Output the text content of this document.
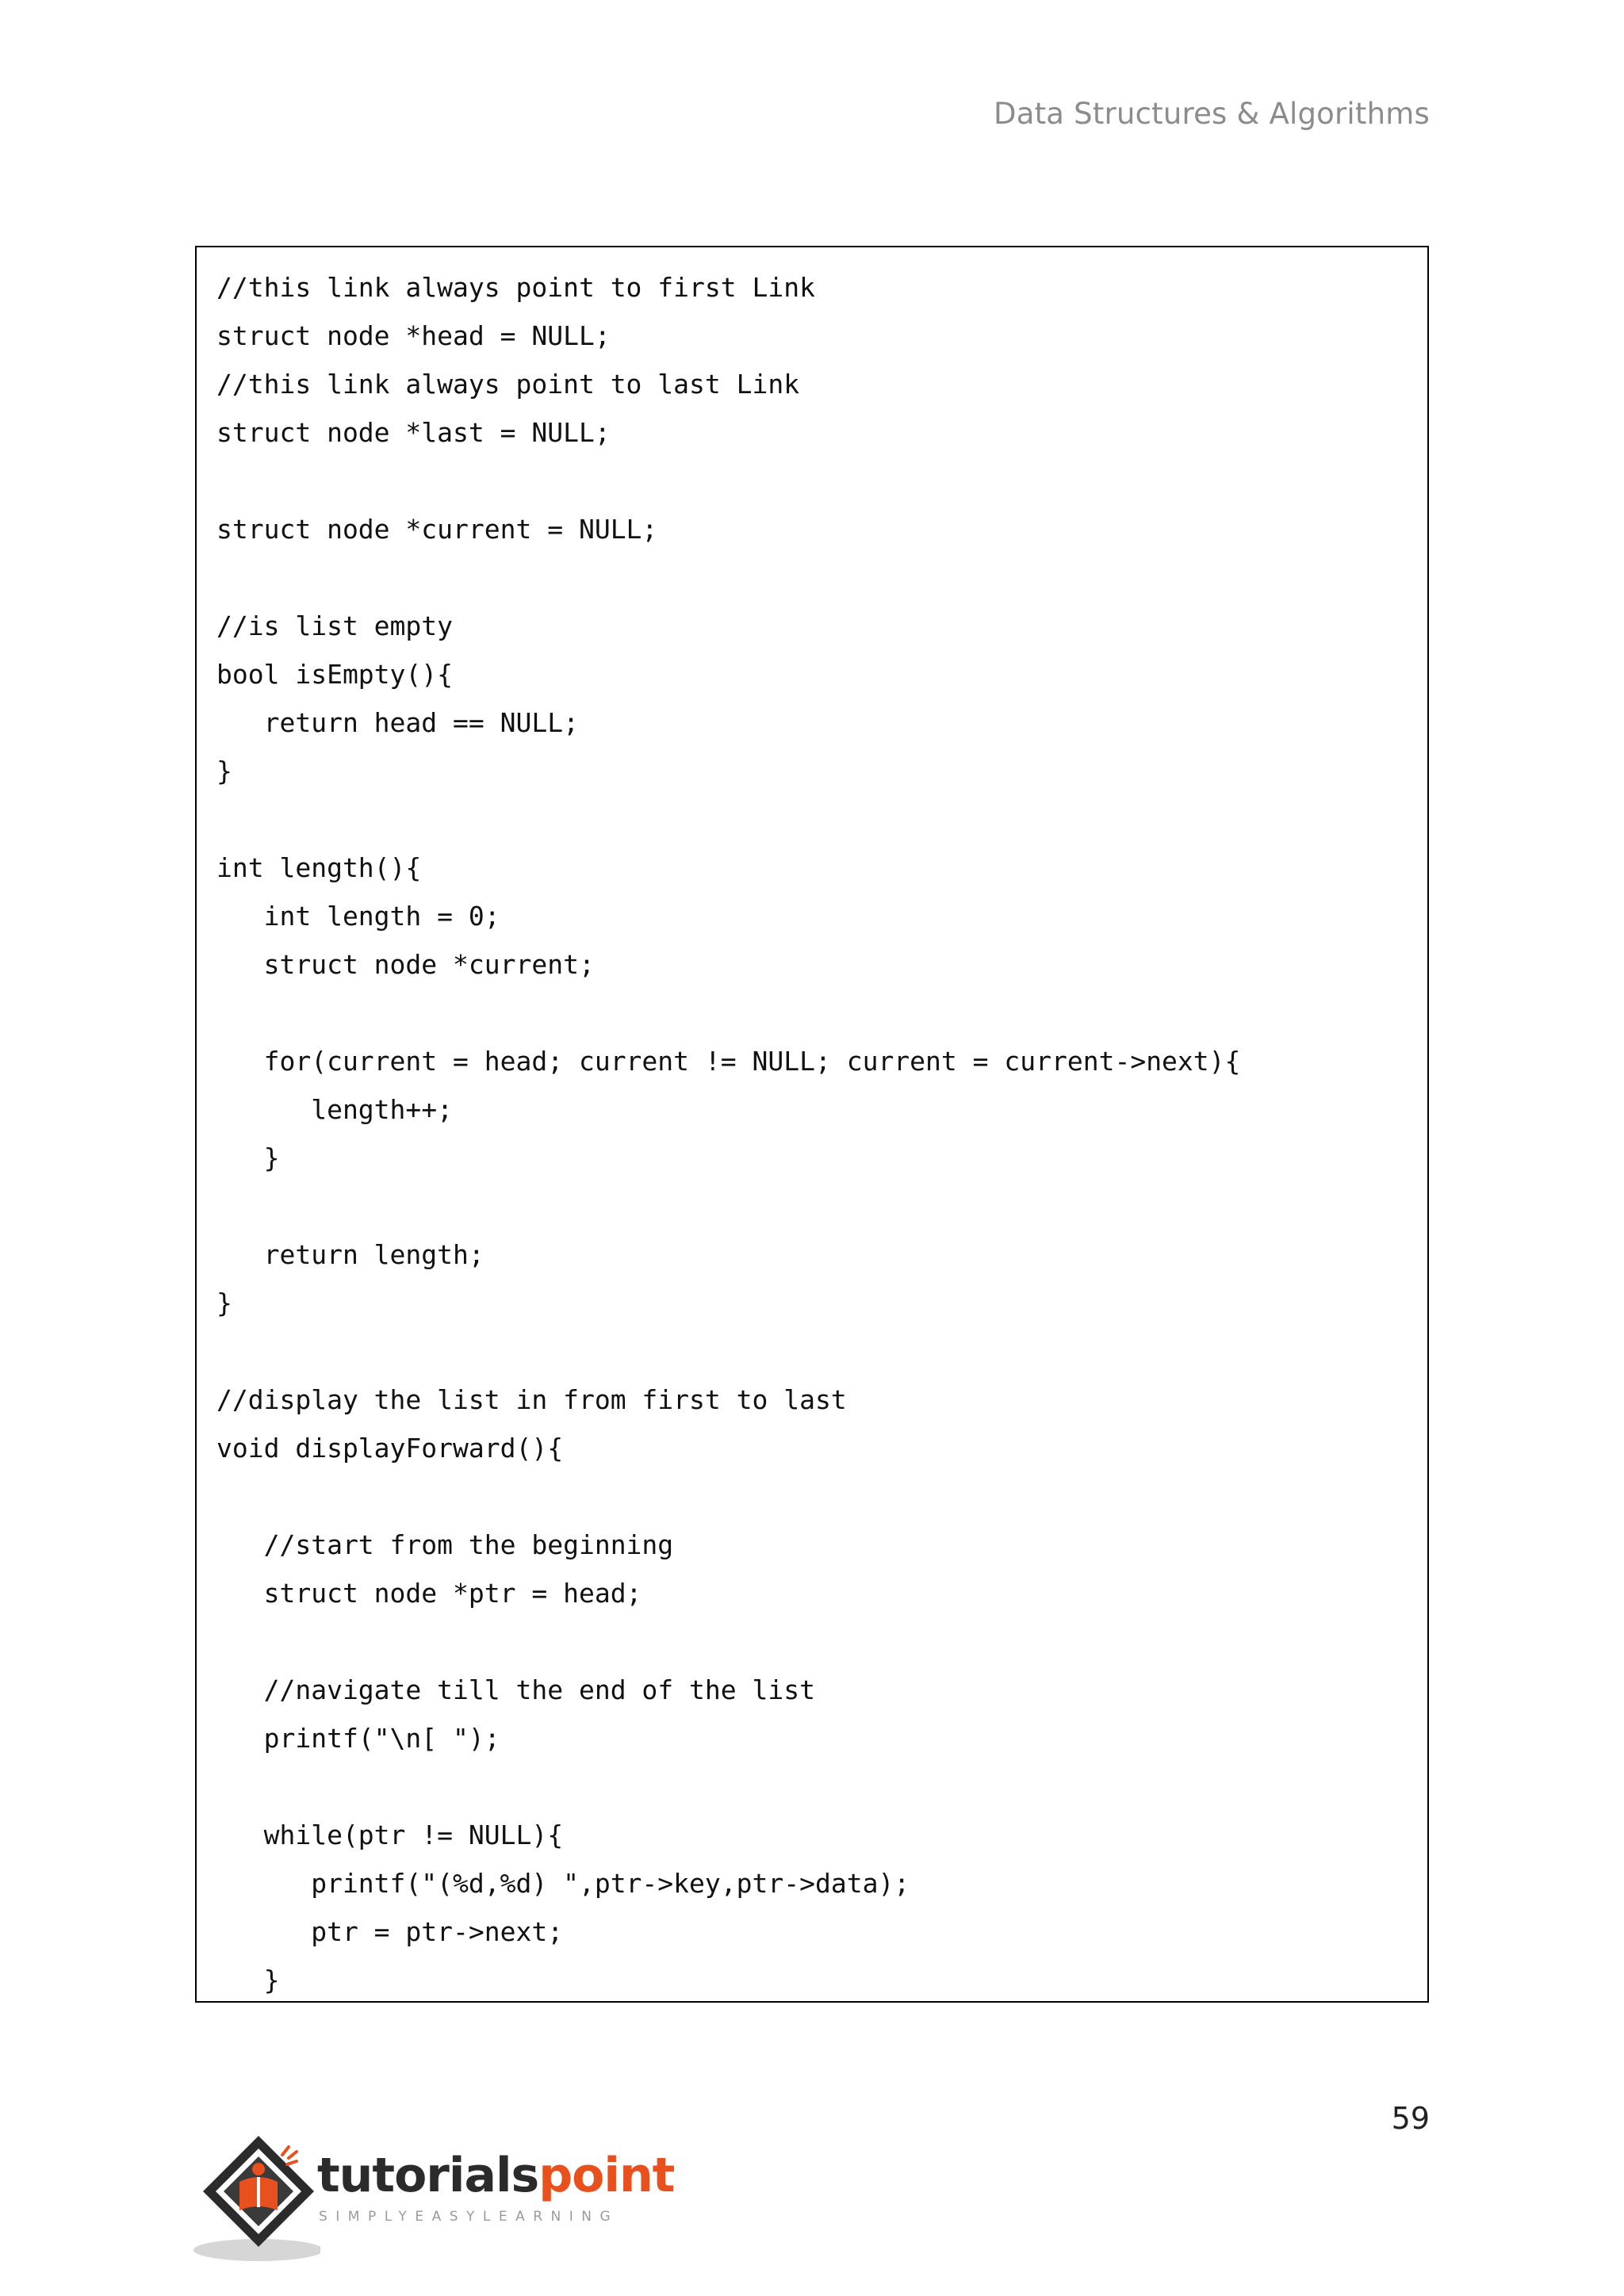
Data Structures & Algorithms
//this link always point to first Link
struct node *head = NULL;
//this link always point to last Link
struct node *last = NULL;
struct node *current = NULL;
//is list empty
bool isEmpty(){
return head == NULL;
}
int length(){
int length = 0;
struct node *current;
for(current = head; current != NULL; current = current->next){
length++;
}
return length;
}
//display the list in from first to last
void displayForward(){
//start from the beginning
struct node *ptr = head;
//navigate till the end of the list
printf("\n[ ");
while(ptr != NULL){
printf("(%d,%d) ",ptr->key,ptr->data);
ptr = ptr->next;
}
59
tutorialspoint
SIMPLYEASYLEARNING
